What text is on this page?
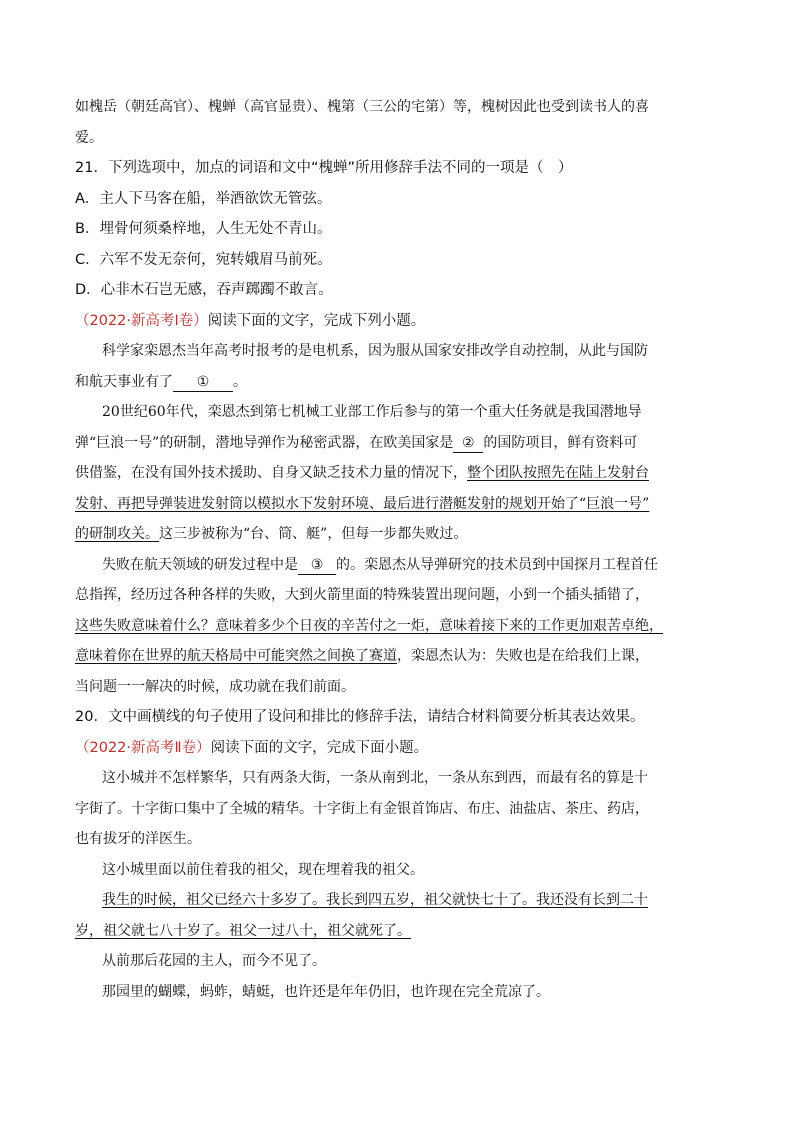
如槐岳（朝廷高官）、槐蝉（高官显贵）、槐第（三公的宅第）等，槐树因此也受到读书人的喜

爱。

21．下列选项中，加点的词语和文中“槐蝉”所用修辞手法不同的一项是（　）

A．主人下马客在船，举酒欲饮无管弦。

B．埋骨何须桑梓地，人生无处不青山。

C．六军不发无奈何，宛转娥眉马前死。

D．心非木石岂无感，吞声踯躅不敢言。

（2022·新高考Ⅰ卷）阅读下面的文字，完成下列小题。

科学家栾恩杰当年高考时报考的是电机系，因为服从国家安排改学自动控制，从此与国防

和航天事业有了 ① 。

20世纪60年代，栾恩杰到第七机械工业部工作后参与的第一个重大任务就是我国潜地导

弹“巨浪一号”的研制，潜地导弹作为秘密武器，在欧美国家是 ② 的国防项目，鲜有资料可

供借鉴，在没有国外技术援助、自身又缺乏技术力量的情况下，整个团队按照先在陆上发射台

发射、再把导弹装进发射筒以模拟水下发射环境、最后进行潜艇发射的规划开始了“巨浪一号”

的研制攻关。这三步被称为“台、筒、艇”，但每一步都失败过。

失败在航天领域的研发过程中是 ③ 的。栾恩杰从导弹研究的技术员到中国探月工程首任

总指挥，经历过各种各样的失败，大到火箭里面的特殊装置出现问题，小到一个插头插错了，

这些失败意味着什么？意味着多少个日夜的辛苦付之一炬，意味着接下来的工作更加艰苦卓绝，

意味着你在世界的航天格局中可能突然之间换了赛道，栾恩杰认为：失败也是在给我们上课，

当问题一一解决的时候，成功就在我们前面。

20．文中画横线的句子使用了设问和排比的修辞手法，请结合材料简要分析其表达效果。

（2022·新高考Ⅱ卷）阅读下面的文字，完成下面小题。

这小城并不怎样繁华，只有两条大街，一条从南到北，一条从东到西，而最有名的算是十

字街了。十字街口集中了全城的精华。十字街上有金银首饰店、布庄、油盐店、茶庄、药店，

也有拔牙的洋医生。

这小城里面以前住着我的祖父，现在埋着我的祖父。

我生的时候，祖父已经六十多岁了。我长到四五岁，祖父就快七十了。我还没有长到二十

岁，祖父就七八十岁了。祖父一过八十，祖父就死了。

从前那后花园的主人，而今不见了。

那园里的蝴蝶，蚂蚱，蜻蜓，也许还是年年仍旧，也许现在完全荒凉了。
